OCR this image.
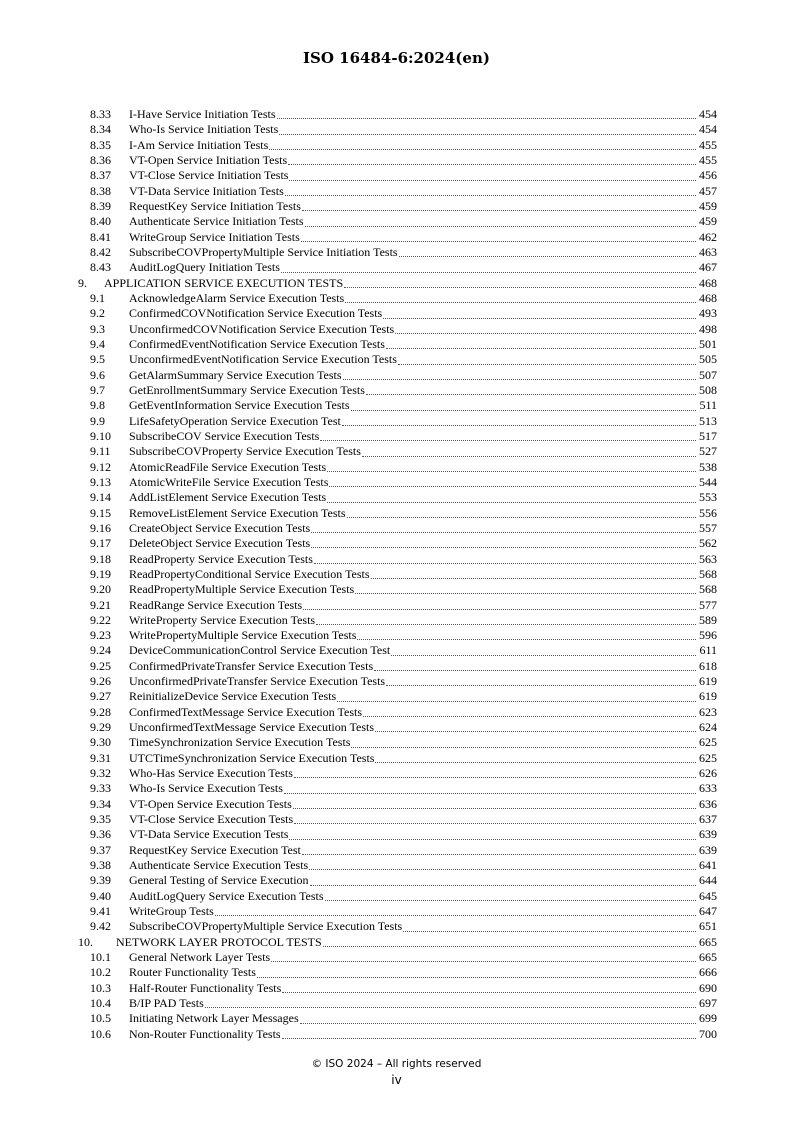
ISO 16484-6:2024(en)
8.33	I-Have Service Initiation Tests	454
8.34	Who-Is Service Initiation Tests	454
8.35	I-Am Service Initiation Tests	455
8.36	VT-Open Service Initiation Tests	455
8.37	VT-Close Service Initiation Tests	456
8.38	VT-Data Service Initiation Tests	457
8.39	RequestKey Service Initiation Tests	459
8.40	Authenticate Service Initiation Tests	459
8.41	WriteGroup Service Initiation Tests	462
8.42	SubscribeCOVPropertyMultiple Service Initiation Tests	463
8.43	AuditLogQuery Initiation Tests	467
9.	APPLICATION SERVICE EXECUTION TESTS	468
9.1	AcknowledgeAlarm Service Execution Tests	468
9.2	ConfirmedCOVNotification Service Execution Tests	493
9.3	UnconfirmedCOVNotification Service Execution Tests	498
9.4	ConfirmedEventNotification Service Execution Tests	501
9.5	UnconfirmedEventNotification Service Execution Tests	505
9.6	GetAlarmSummary Service Execution Tests	507
9.7	GetEnrollmentSummary Service Execution Tests	508
9.8	GetEventInformation Service Execution Tests	511
9.9	LifeSafetyOperation Service Execution Test	513
9.10	SubscribeCOV Service Execution Tests	517
9.11	SubscribeCOVProperty Service Execution Tests	527
9.12	AtomicReadFile Service Execution Tests	538
9.13	AtomicWriteFile Service Execution Tests	544
9.14	AddListElement Service Execution Tests	553
9.15	RemoveListElement Service Execution Tests	556
9.16	CreateObject Service Execution Tests	557
9.17	DeleteObject Service Execution Tests	562
9.18	ReadProperty Service Execution Tests	563
9.19	ReadPropertyConditional Service Execution Tests	568
9.20	ReadPropertyMultiple Service Execution Tests	568
9.21	ReadRange Service Execution Tests	577
9.22	WriteProperty Service Execution Tests	589
9.23	WritePropertyMultiple Service Execution Tests	596
9.24	DeviceCommunicationControl Service Execution Test	611
9.25	ConfirmedPrivateTransfer Service Execution Tests	618
9.26	UnconfirmedPrivateTransfer Service Execution Tests	619
9.27	ReinitializeDevice Service Execution Tests	619
9.28	ConfirmedTextMessage Service Execution Tests	623
9.29	UnconfirmedTextMessage Service Execution Tests	624
9.30	TimeSynchronization Service Execution Tests	625
9.31	UTCTimeSynchronization Service Execution Tests	625
9.32	Who-Has Service Execution Tests	626
9.33	Who-Is Service Execution Tests	633
9.34	VT-Open Service Execution Tests	636
9.35	VT-Close Service Execution Tests	637
9.36	VT-Data Service Execution Tests	639
9.37	RequestKey Service Execution Test	639
9.38	Authenticate Service Execution Tests	641
9.39	General Testing of Service Execution	644
9.40	AuditLogQuery Service Execution Tests	645
9.41	WriteGroup Tests	647
9.42	SubscribeCOVPropertyMultiple Service Execution Tests	651
10.	NETWORK LAYER PROTOCOL TESTS	665
10.1	General Network Layer Tests	665
10.2	Router Functionality Tests	666
10.3	Half-Router Functionality Tests	690
10.4	B/IP PAD Tests	697
10.5	Initiating Network Layer Messages	699
10.6	Non-Router Functionality Tests	700
© ISO 2024 – All rights reserved
iv
